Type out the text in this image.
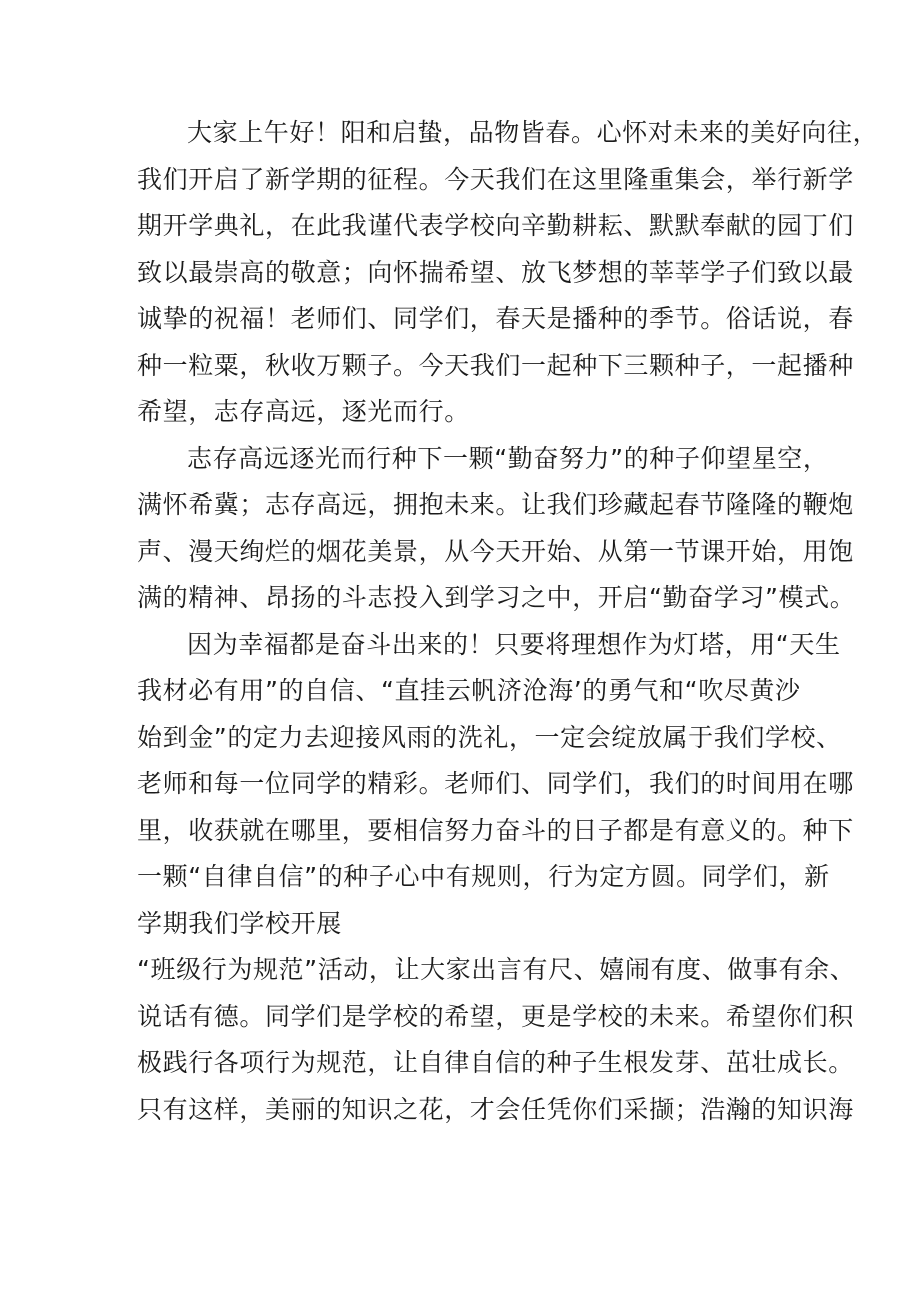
大家上午好！阳和启蛰，品物皆春。心怀对未来的美好向往，
我们开启了新学期的征程。今天我们在这里隆重集会，举行新学
期开学典礼，在此我谨代表学校向辛勤耕耘、默默奉献的园丁们
致以最崇高的敬意；向怀揣希望、放飞梦想的莘莘学子们致以最
诚挚的祝福！老师们、同学们，春天是播种的季节。俗话说，春
种一粒粟，秋收万颗子。今天我们一起种下三颗种子，一起播种
希望，志存高远，逐光而行。
志存高远逐光而行种下一颗“勤奋努力”的种子仰望星空，
满怀希冀；志存高远，拥抱未来。让我们珍藏起春节隆隆的鞭炮
声、漫天绚烂的烟花美景，从今天开始、从第一节课开始，用饱
满的精神、昂扬的斗志投入到学习之中，开启“勤奋学习”模式。
因为幸福都是奋斗出来的！只要将理想作为灯塔，用“天生
我材必有用”的自信、“直挂云帆济沧海’的勇气和“吹尽黄沙
始到金”的定力去迎接风雨的洗礼，一定会绽放属于我们学校、
老师和每一位同学的精彩。老师们、同学们，我们的时间用在哪
里，收获就在哪里，要相信努力奋斗的日子都是有意义的。种下
一颗“自律自信”的种子心中有规则，行为定方圆。同学们，新
学期我们学校开展
“班级行为规范”活动，让大家出言有尺、嬉闹有度、做事有余、
说话有德。同学们是学校的希望，更是学校的未来。希望你们积
极践行各项行为规范，让自律自信的种子生根发芽、茁壮成长。
只有这样，美丽的知识之花，才会任凭你们采撷；浩瀚的知识海
